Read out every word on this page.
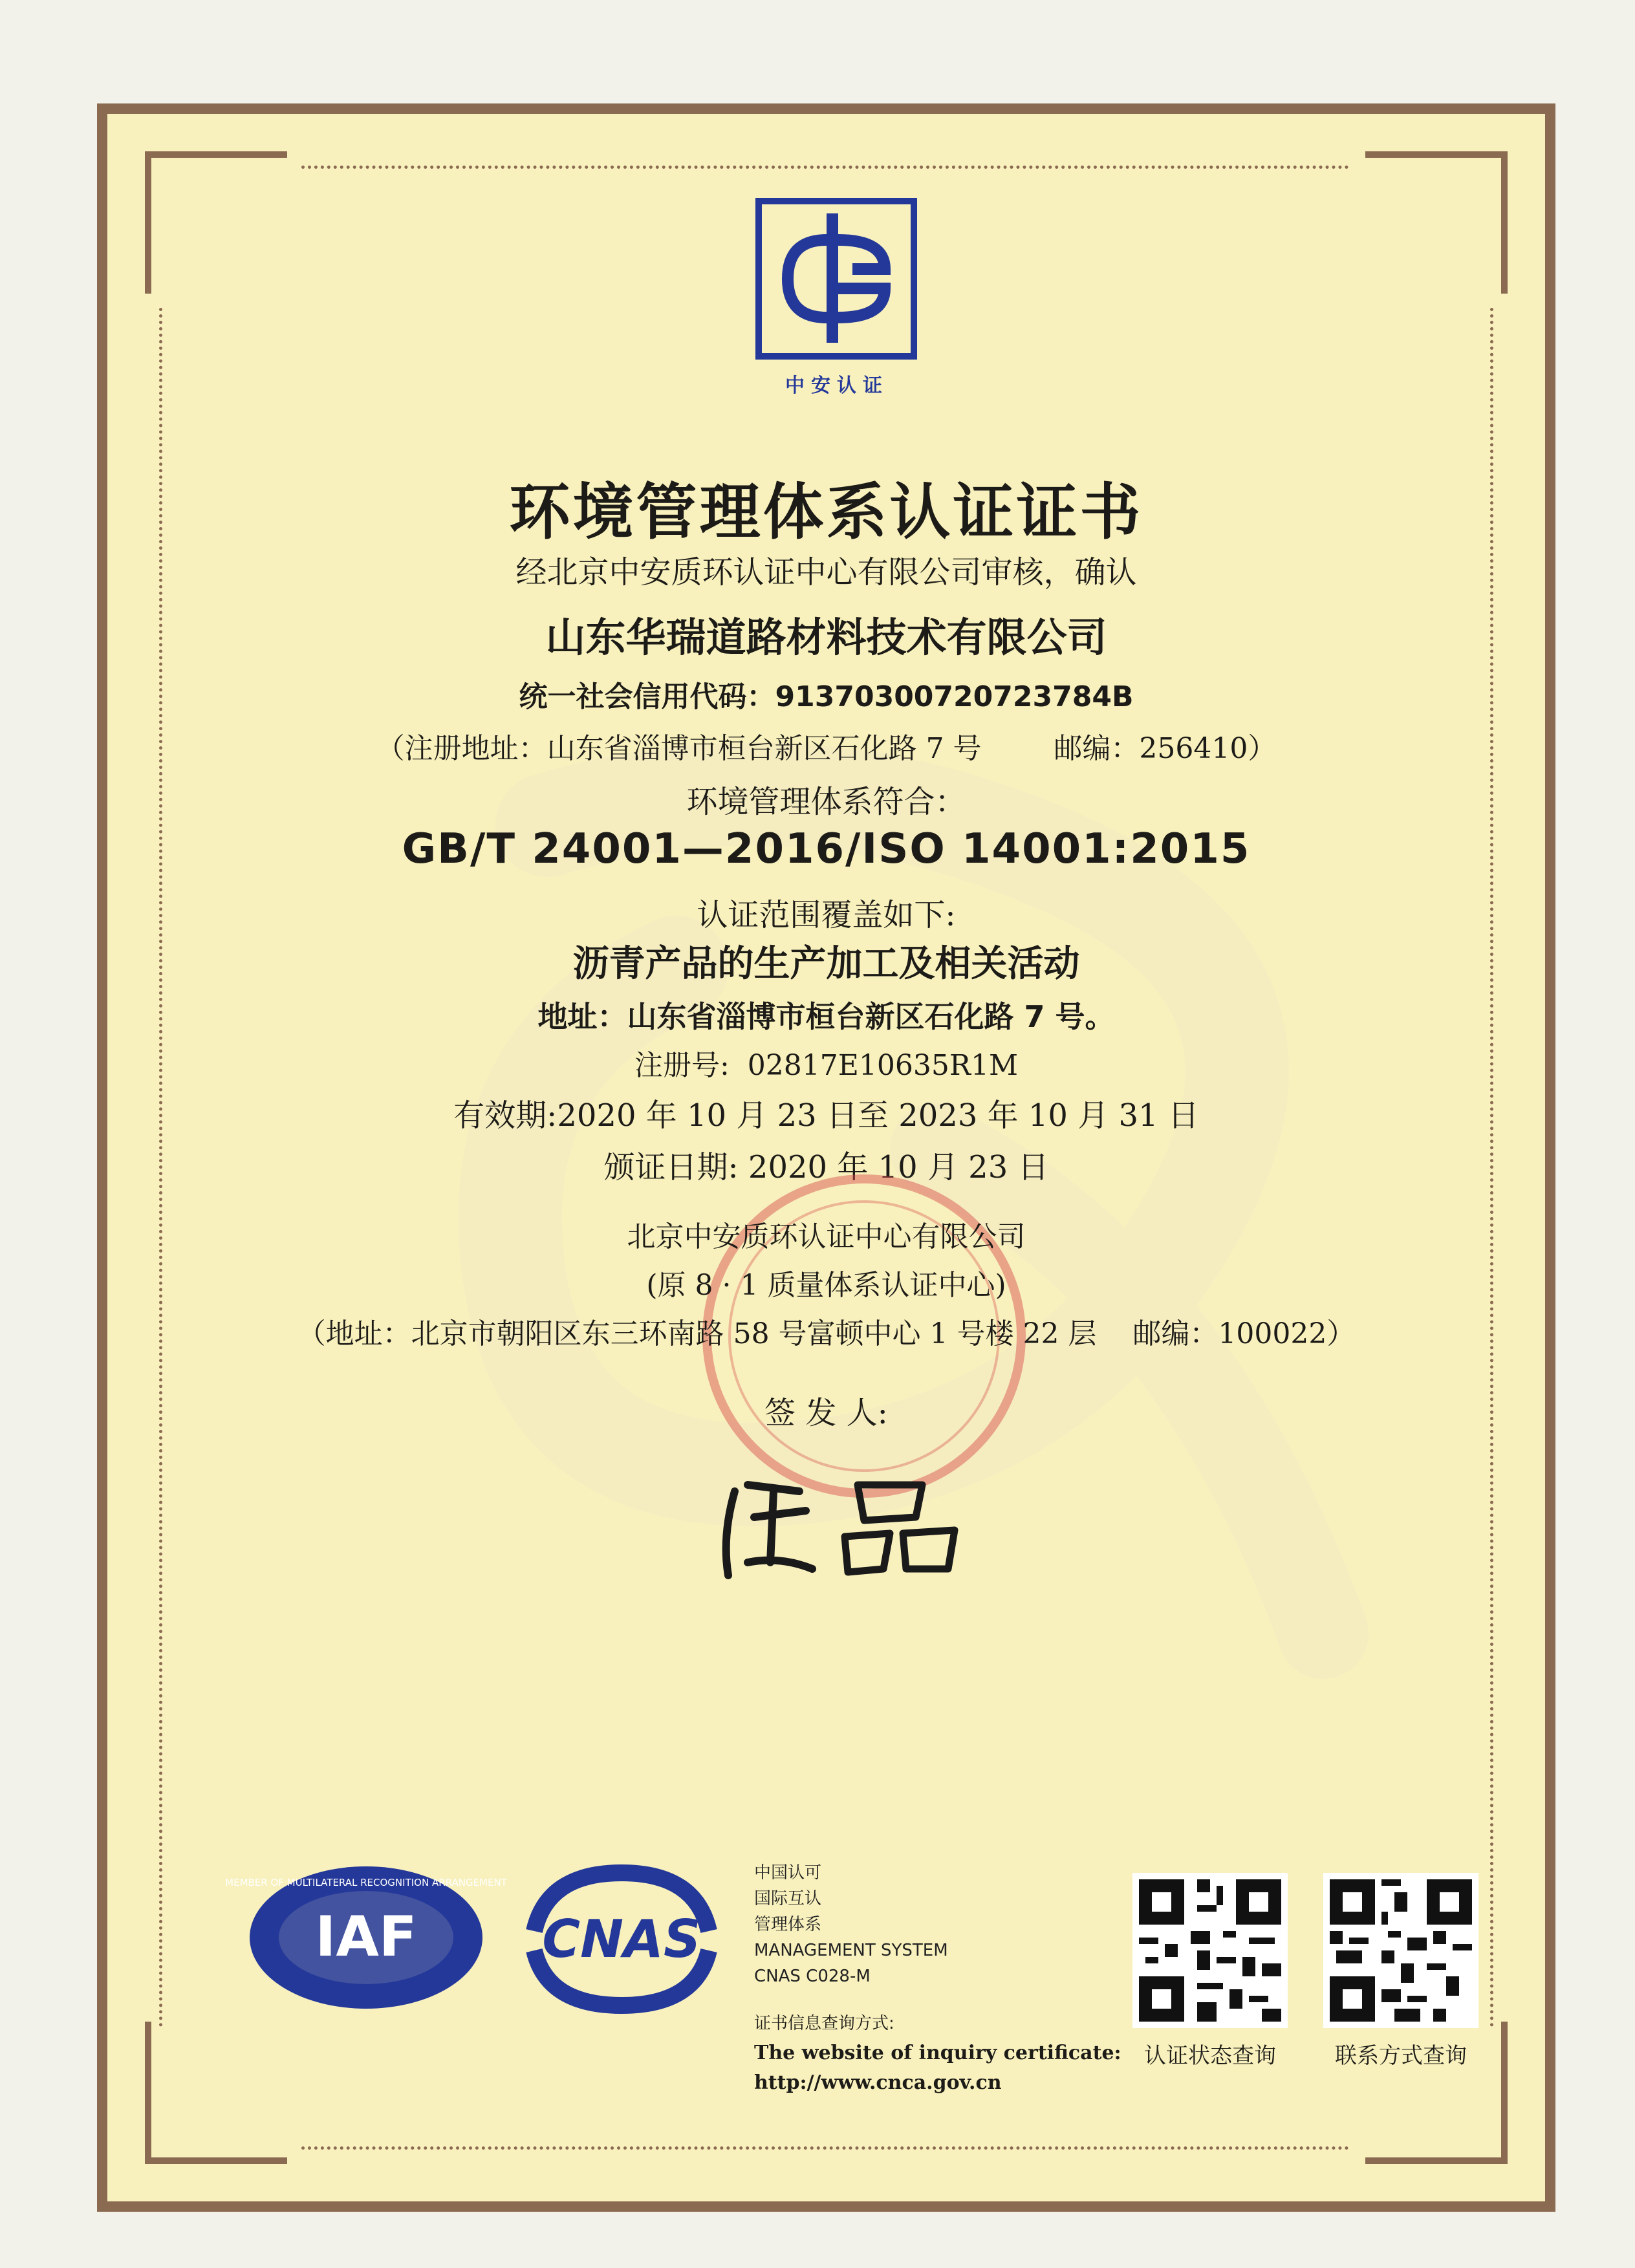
中安认证
环境管理体系认证证书
经北京中安质环认证中心有限公司审核，确认
山东华瑞道路材料技术有限公司
统一社会信用代码：91370300720723784B
（注册地址：山东省淄博市桓台新区石化路 7 号        邮编：256410）
环境管理体系符合：
GB/T 24001—2016/ISO 14001:2015
认证范围覆盖如下:
沥青产品的生产加工及相关活动
地址：山东省淄博市桓台新区石化路 7 号。
注册号:  02817E10635R1M
有效期:2020 年 10 月 23 日至 2023 年 10 月 31 日
颁证日期: 2020 年 10 月 23 日
北京中安质环认证中心有限公司
(原 8 · 1 质量体系认证中心)
（地址：北京市朝阳区东三环南路 58 号富顿中心 1 号楼 22 层    邮编：100022）
签 发 人:
IAF
MEMBER OF MULTILATERAL RECOGNITION ARRANGEMENT
CNAS
中国认可
国际互认
管理体系
MANAGEMENT SYSTEM
CNAS C028-M
证书信息查询方式:
The website of inquiry certificate:
http://www.cnca.gov.cn
认证状态查询	联系方式查询
